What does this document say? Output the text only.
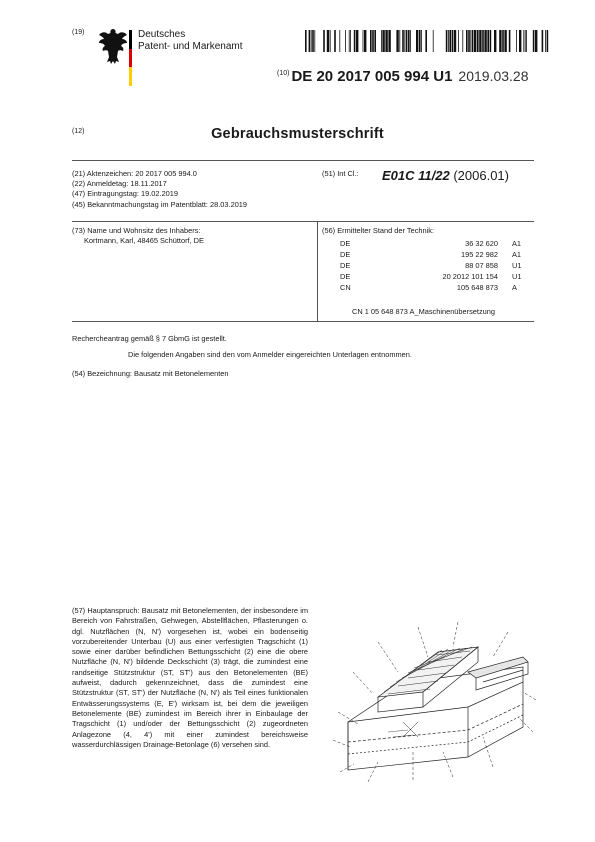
(19)	Deutsches
Patent- und Markenamt
$^{(10)}$ DE 20 2017 005 994 U1 2019.03.28
(12)	Gebrauchsmusterschrift
(21) Aktenzeichen: 20 2017 005 994.0
(22) Anmeldetag: 18.11.2017
(47) Eintragungstag: 19.02.2019
(45) Bekanntmachungstag im Patentblatt: 28.03.2019
(51) Int Cl.: E01C 11/22 (2006.01)
(73) Name und Wohnsitz des Inhabers:
Kortmann, Karl, 48465 Schüttorf, DE
(56) Ermittelter Stand der Technik:
DE	36 32 620	A1
DE	195 22 982	A1
DE	88 07 858	U1
DE	20 2012 101 154	U1
CN	105 648 873	A
CN 1 05 648 873 A_Maschinenübersetzung
Rechercheantrag gemäß § 7 GbmG ist gestellt.
Die folgenden Angaben sind den vom Anmelder eingereichten Unterlagen entnommen.
(54) Bezeichnung: Bausatz mit Betonelementen
(57) Hauptanspruch: Bausatz mit Betonelementen, der insbesondere im Bereich von Fahrstraßen, Gehwegen, Abstellflächen, Pflasterungen o. dgl. Nutzflächen (N, N') vorgesehen ist, wobei ein bodenseitig vorzubereitender Unterbau (U) aus einer verfestigten Tragschicht (1) sowie einer darüber befindlichen Bettungsschicht (2) eine die obere Nutzfläche (N, N') bildende Deckschicht (3) trägt, die zumindest eine randseitige Stützstruktur (ST, ST') aus den Betonelementen (BE) aufweist, dadurch gekennzeichnet, dass die zumindest eine Stützstruktur (ST, ST') der Nutzfläche (N, N') als Teil eines funktionalen Entwässerungssystems (E, E') wirksam ist, bei dem die jeweiligen Betonelemente (BE) zumindest im Bereich ihrer in Einbaulage der Tragschicht (1) und/oder der Bettungsschicht (2) zugeordneten Anlagezone (4, 4') mit einer zumindest bereichsweise wasserdurchlässigen Drainage-Betonlage (6) versehen sind.
